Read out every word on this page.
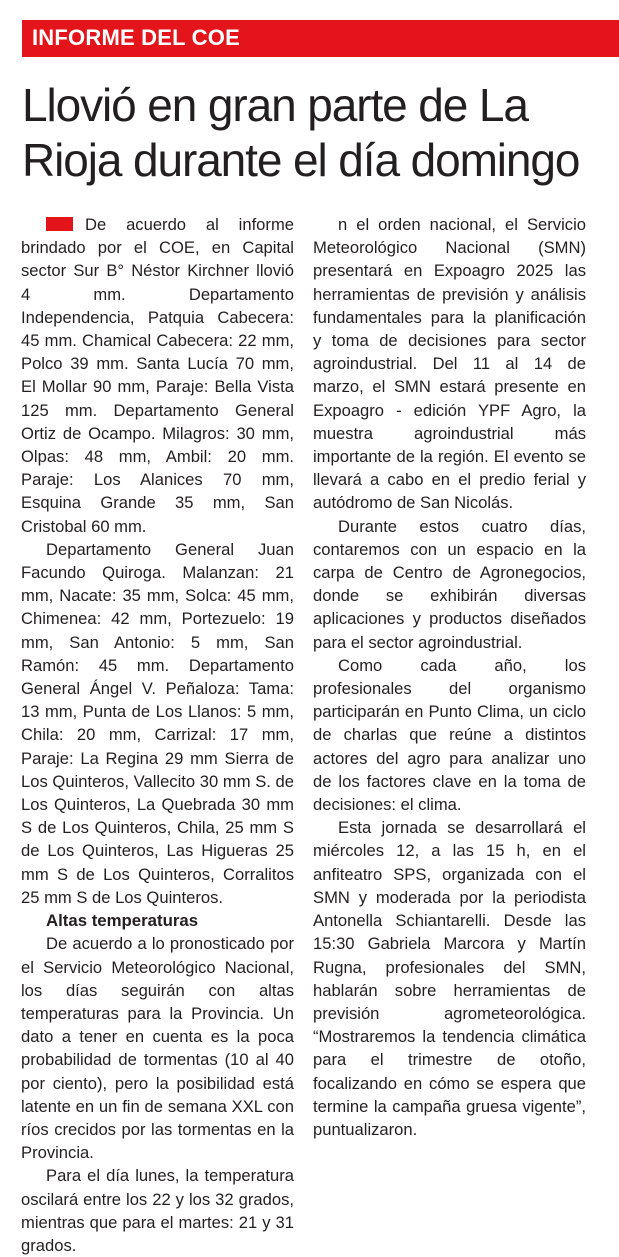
INFORME DEL COE
Llovió en gran parte de La Rioja durante el día domingo

De acuerdo al informe brindado por el COE, en Capital sector Sur B° Néstor Kirchner llovió 4 mm. Departamento Independencia, Patquia Cabecera: 45 mm. Chamical Cabecera: 22 mm, Polco 39 mm. Santa Lucía 70 mm, El Mollar 90 mm, Paraje: Bella Vista 125 mm. Departamento General Ortiz de Ocampo. Milagros: 30 mm, Olpas: 48 mm, Ambil: 20 mm. Paraje: Los Alanices 70 mm, Esquina Grande 35 mm, San Cristobal 60 mm.

Departamento General Juan Facundo Quiroga. Malanzan: 21 mm, Nacate: 35 mm, Solca: 45 mm, Chimenea: 42 mm, Portezuelo: 19 mm, San Antonio: 5 mm, San Ramón: 45 mm. Departamento General Ángel V. Peñaloza: Tama: 13 mm, Punta de Los Llanos: 5 mm, Chila: 20 mm, Carrizal: 17 mm, Paraje: La Regina 29 mm Sierra de Los Quinteros, Vallecito 30 mm S. de Los Quinteros, La Quebrada 30 mm S de Los Quinteros, Chila, 25 mm S de Los Quinteros, Las Higueras 25 mm S de Los Quinteros, Corralitos 25 mm S de Los Quinteros.

Altas temperaturas

De acuerdo a lo pronosticado por el Servicio Meteorológico Nacional, los días seguirán con altas temperaturas para la Provincia. Un dato a tener en cuenta es la poca probabilidad de tormentas (10 al 40 por ciento), pero la posibilidad está latente en un fin de semana XXL con ríos crecidos por las tormentas en la Provincia.

Para el día lunes, la temperatura oscilará entre los 22 y los 32 grados, mientras que para el martes: 21 y 31 grados.

n el orden nacional, el Servicio Meteorológico Nacional (SMN) presentará en Expoagro 2025 las herramientas de previsión y análisis fundamentales para la planificación y toma de decisiones para sector agroindustrial. Del 11 al 14 de marzo, el SMN estará presente en Expoagro - edición YPF Agro, la muestra agroindustrial más importante de la región. El evento se llevará a cabo en el predio ferial y autódromo de San Nicolás.

Durante estos cuatro días, contaremos con un espacio en la carpa de Centro de Agronegocios, donde se exhibirán diversas aplicaciones y productos diseñados para el sector agroindustrial.

Como cada año, los profesionales del organismo participarán en Punto Clima, un ciclo de charlas que reúne a distintos actores del agro para analizar uno de los factores clave en la toma de decisiones: el clima.

Esta jornada se desarrollará el miércoles 12, a las 15 h, en el anfiteatro SPS, organizada con el SMN y moderada por la periodista Antonella Schiantarelli. Desde las 15:30 Gabriela Marcora y Martín Rugna, profesionales del SMN, hablarán sobre herramientas de previsión agrometeorológica. “Mostraremos la tendencia climática para el trimestre de otoño, focalizando en cómo se espera que termine la campaña gruesa vigente”, puntualizaron.
